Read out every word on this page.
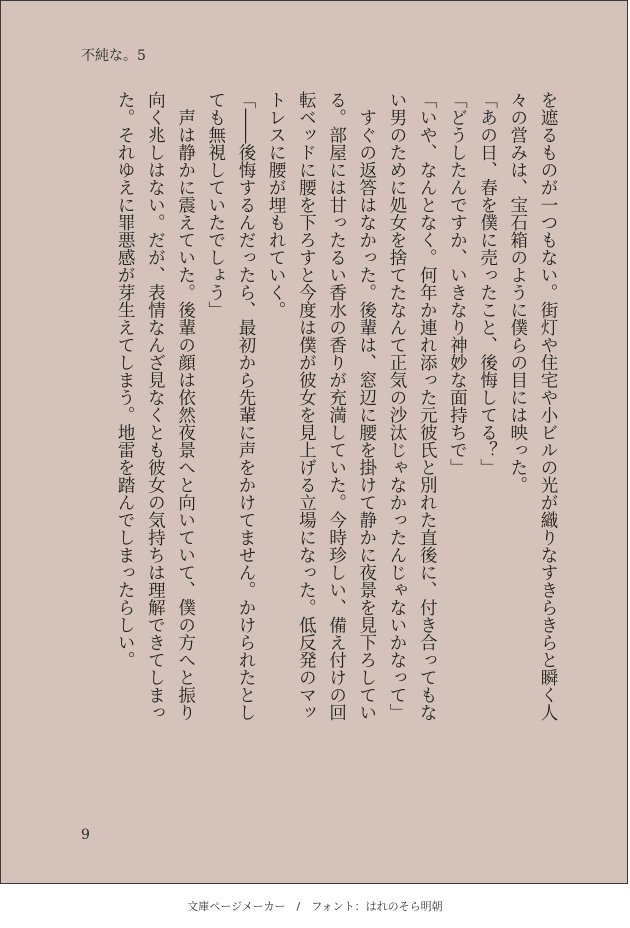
不純な。5

を遮るものが一つもない。街灯や住宅や小ビルの光が織りなすきらきらと瞬く人

々の営みは、宝石箱のように僕らの目には映った。

「あの日、春を僕に売ったこと、後悔してる？」

「どうしたんですか、いきなり神妙な面持ちで」

「いや、なんとなく。何年か連れ添った元彼氏と別れた直後に、付き合ってもな

い男のために処女を捨てたなんて正気の沙汰じゃなかったんじゃないかなって」

　すぐの返答はなかった。後輩は、窓辺に腰を掛けて静かに夜景を見下ろしてい

る。部屋には甘ったるい香水の香りが充満していた。今時珍しい、備え付けの回

転ベッドに腰を下ろすと今度は僕が彼女を見上げる立場になった。低反発のマッ

トレスに腰が埋もれていく。

「――後悔するんだったら、最初から先輩に声をかけてません。かけられたとし

ても無視していたでしょう」

　声は静かに震えていた。後輩の顔は依然夜景へと向いていて、僕の方へと振り

向く兆しはない。だが、表情なんざ見なくとも彼女の気持ちは理解できてしまっ

た。それゆえに罪悪感が芽生えてしまう。地雷を踏んでしまったらしい。

9
文庫ページメーカー　/　フォント：はれのそら明朝
